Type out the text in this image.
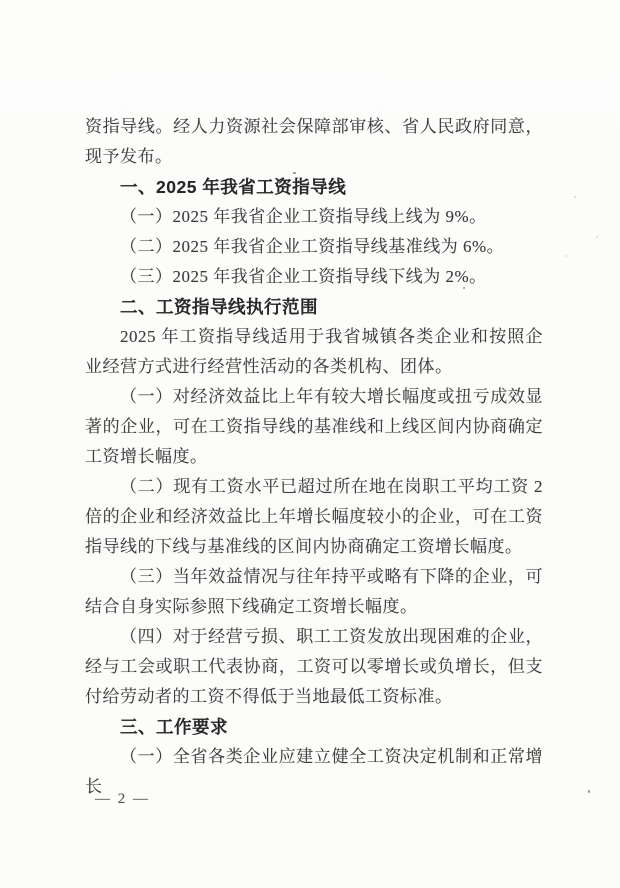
资指导线。经人力资源社会保障部审核、省人民政府同意，现予发布。

一、2025 年我省工资指导线

（一）2025 年我省企业工资指导线上线为 9%。

（二）2025 年我省企业工资指导线基准线为 6%。

（三）2025 年我省企业工资指导线下线为 2%。

二、工资指导线执行范围

2025 年工资指导线适用于我省城镇各类企业和按照企业经营方式进行经营性活动的各类机构、团体。

（一）对经济效益比上年有较大增长幅度或扭亏成效显著的企业，可在工资指导线的基准线和上线区间内协商确定工资增长幅度。

（二）现有工资水平已超过所在地在岗职工平均工资 2 倍的企业和经济效益比上年增长幅度较小的企业，可在工资指导线的下线与基准线的区间内协商确定工资增长幅度。

（三）当年效益情况与往年持平或略有下降的企业，可结合自身实际参照下线确定工资增长幅度。

（四）对于经营亏损、职工工资发放出现困难的企业，经与工会或职工代表协商，工资可以零增长或负增长，但支付给劳动者的工资不得低于当地最低工资标准。

三、工作要求

（一）全省各类企业应建立健全工资决定机制和正常增长

— 2 —
